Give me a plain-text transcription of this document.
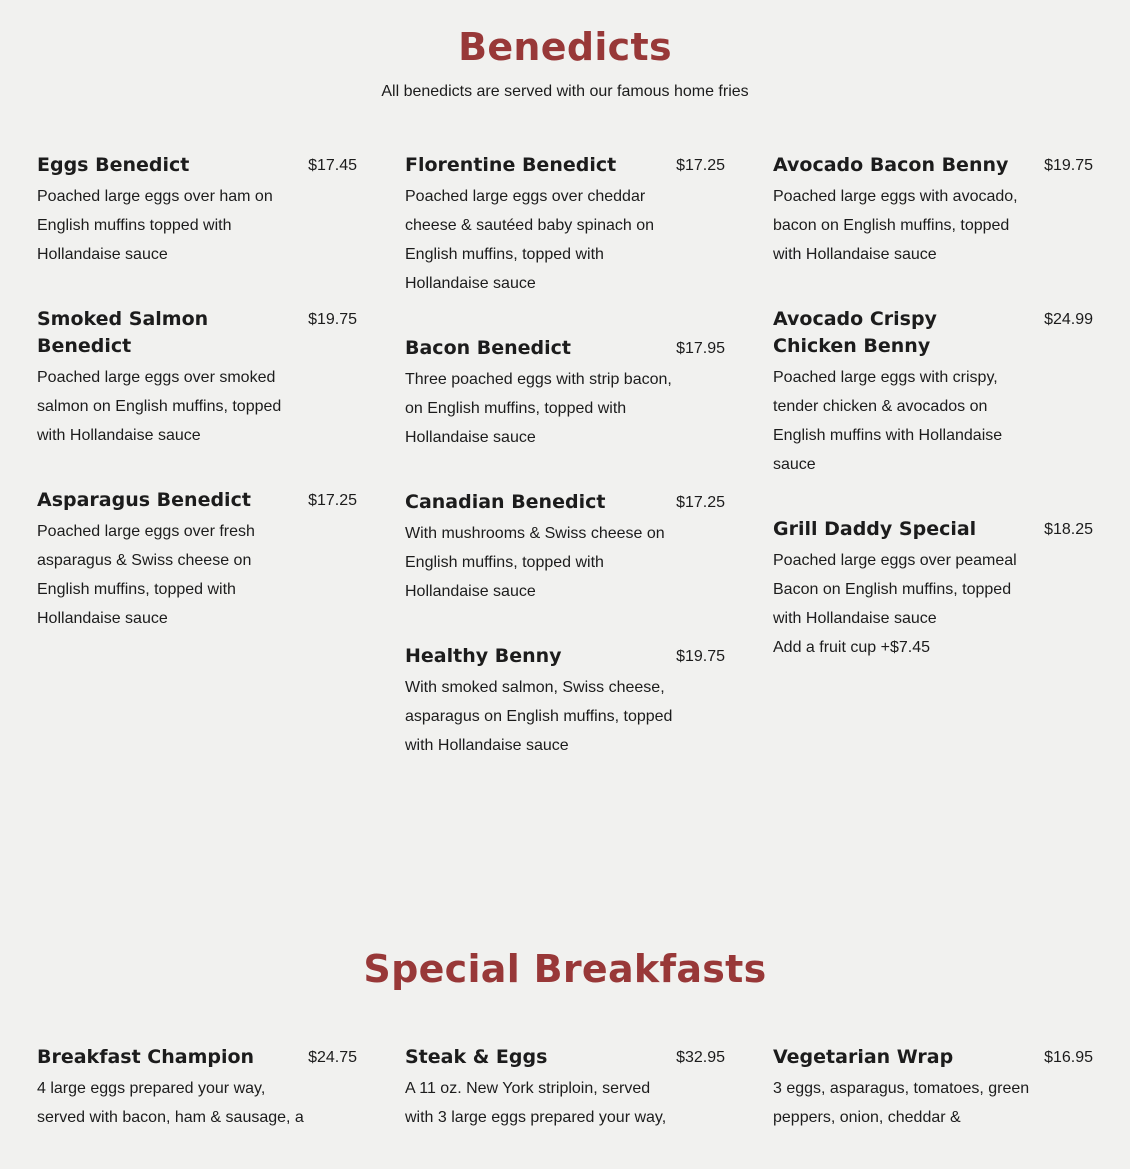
Benedicts

All benedicts are served with our famous home fries

Eggs Benedict	$17.45

Poached large eggs over ham on English muffins topped with Hollandaise sauce

Smoked Salmon Benedict
$19.75

Poached large eggs over smoked salmon on English muffins, topped with Hollandaise sauce

Asparagus Benedict	$17.25

Poached large eggs over fresh asparagus & Swiss cheese on English muffins, topped with Hollandaise sauce

Florentine Benedict	$17.25

Poached large eggs over cheddar cheese & sautéed baby spinach on English muffins, topped with Hollandaise sauce

Bacon Benedict	$17.95

Three poached eggs with strip bacon, on English muffins, topped with Hollandaise sauce

Canadian Benedict	$17.25

With mushrooms & Swiss cheese on English muffins, topped with Hollandaise sauce

Healthy Benny	$19.75

With smoked salmon, Swiss cheese, asparagus on English muffins, topped with Hollandaise sauce

Avocado Bacon Benny $19.75

Poached large eggs with avocado, bacon on English muffins, topped with Hollandaise sauce

Avocado Crispy Chicken Benny
$24.99

Poached large eggs with crispy, tender chicken & avocados on English muffins with Hollandaise sauce

Grill Daddy Special	$18.25

Poached large eggs over peameal Bacon on English muffins, topped with Hollandaise sauce

Add a fruit cup +$7.45

Special Breakfasts
Breakfast Champion	$24.75

4 large eggs prepared your way, served with bacon, ham & sausage, a

Steak & Eggs	$32.95

A 11 oz. New York striploin, served with 3 large eggs prepared your way,

Vegetarian Wrap	$16.95

3 eggs, asparagus, tomatoes, green peppers, onion, cheddar &
